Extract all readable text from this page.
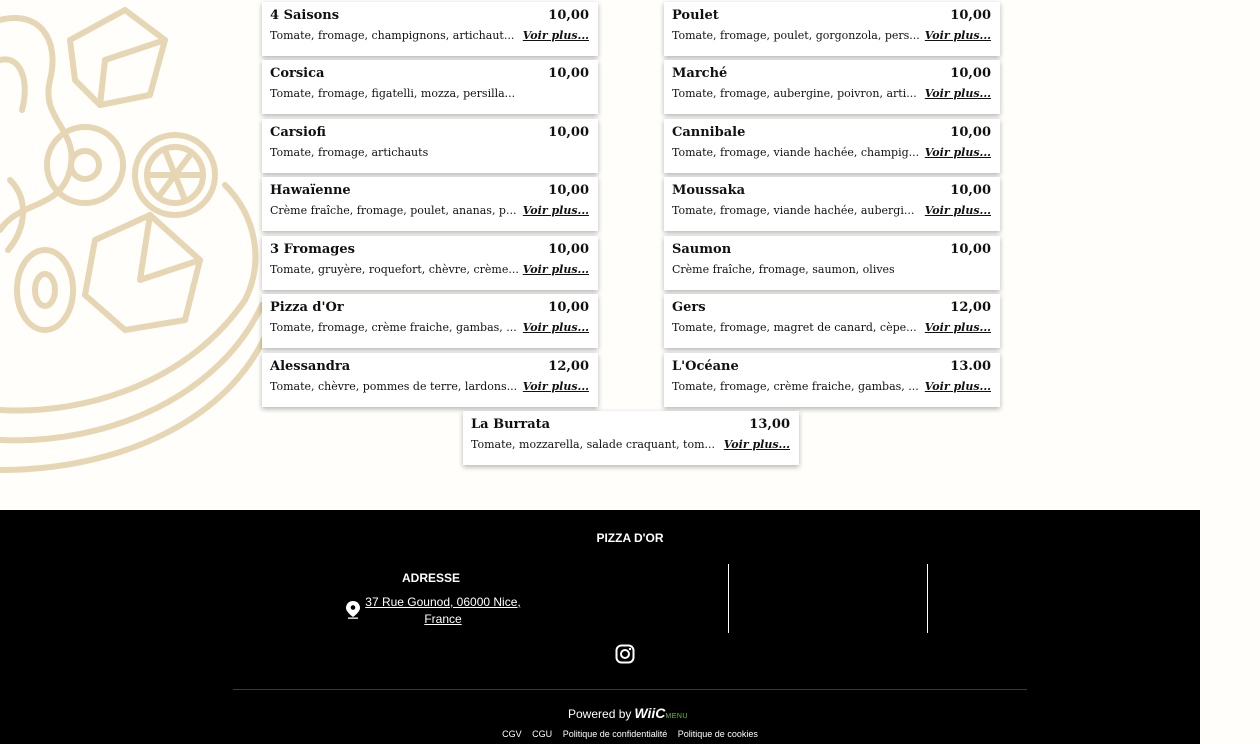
4 Saisons	10,00
Tomate, fromage, champignons, artichaut... Voir plus...
Corsica	10,00
Tomate, fromage, figatelli, mozza, persilla...
Carsiofi	10,00
Tomate, fromage, artichauts
Hawaïenne	10,00
Crème fraîche, fromage, poulet, ananas, p... Voir plus...
3 Fromages	10,00
Tomate, gruyère, roquefort, chèvre, crème... Voir plus...
Pizza d'Or	10,00
Tomate, fromage, crème fraiche, gambas, ... Voir plus...
Alessandra	12,00
Tomate, chèvre, pommes de terre, lardons... Voir plus...
Poulet	10,00
Tomate, fromage, poulet, gorgonzola, pers... Voir plus...
Marché	10,00
Tomate, fromage, aubergine, poivron, arti... Voir plus...
Cannibale	10,00
Tomate, fromage, viande hachée, champig... Voir plus...
Moussaka	10,00
Tomate, fromage, viande hachée, aubergi... Voir plus...
Saumon	10,00
Crème fraîche, fromage, saumon, olives
Gers	12,00
Tomate, fromage, magret de canard, cèpe... Voir plus...
L'Océane	13.00
Tomate, fromage, crème fraiche, gambas, ... Voir plus...
La Burrata	13,00
Tomate, mozzarella, salade craquant, tom... Voir plus...
PIZZA D'OR
ADRESSE
37 Rue Gounod, 06000 Nice,
France
Powered by WiiCMENU
CGV CGU Politique de confidentialité Politique de cookies
